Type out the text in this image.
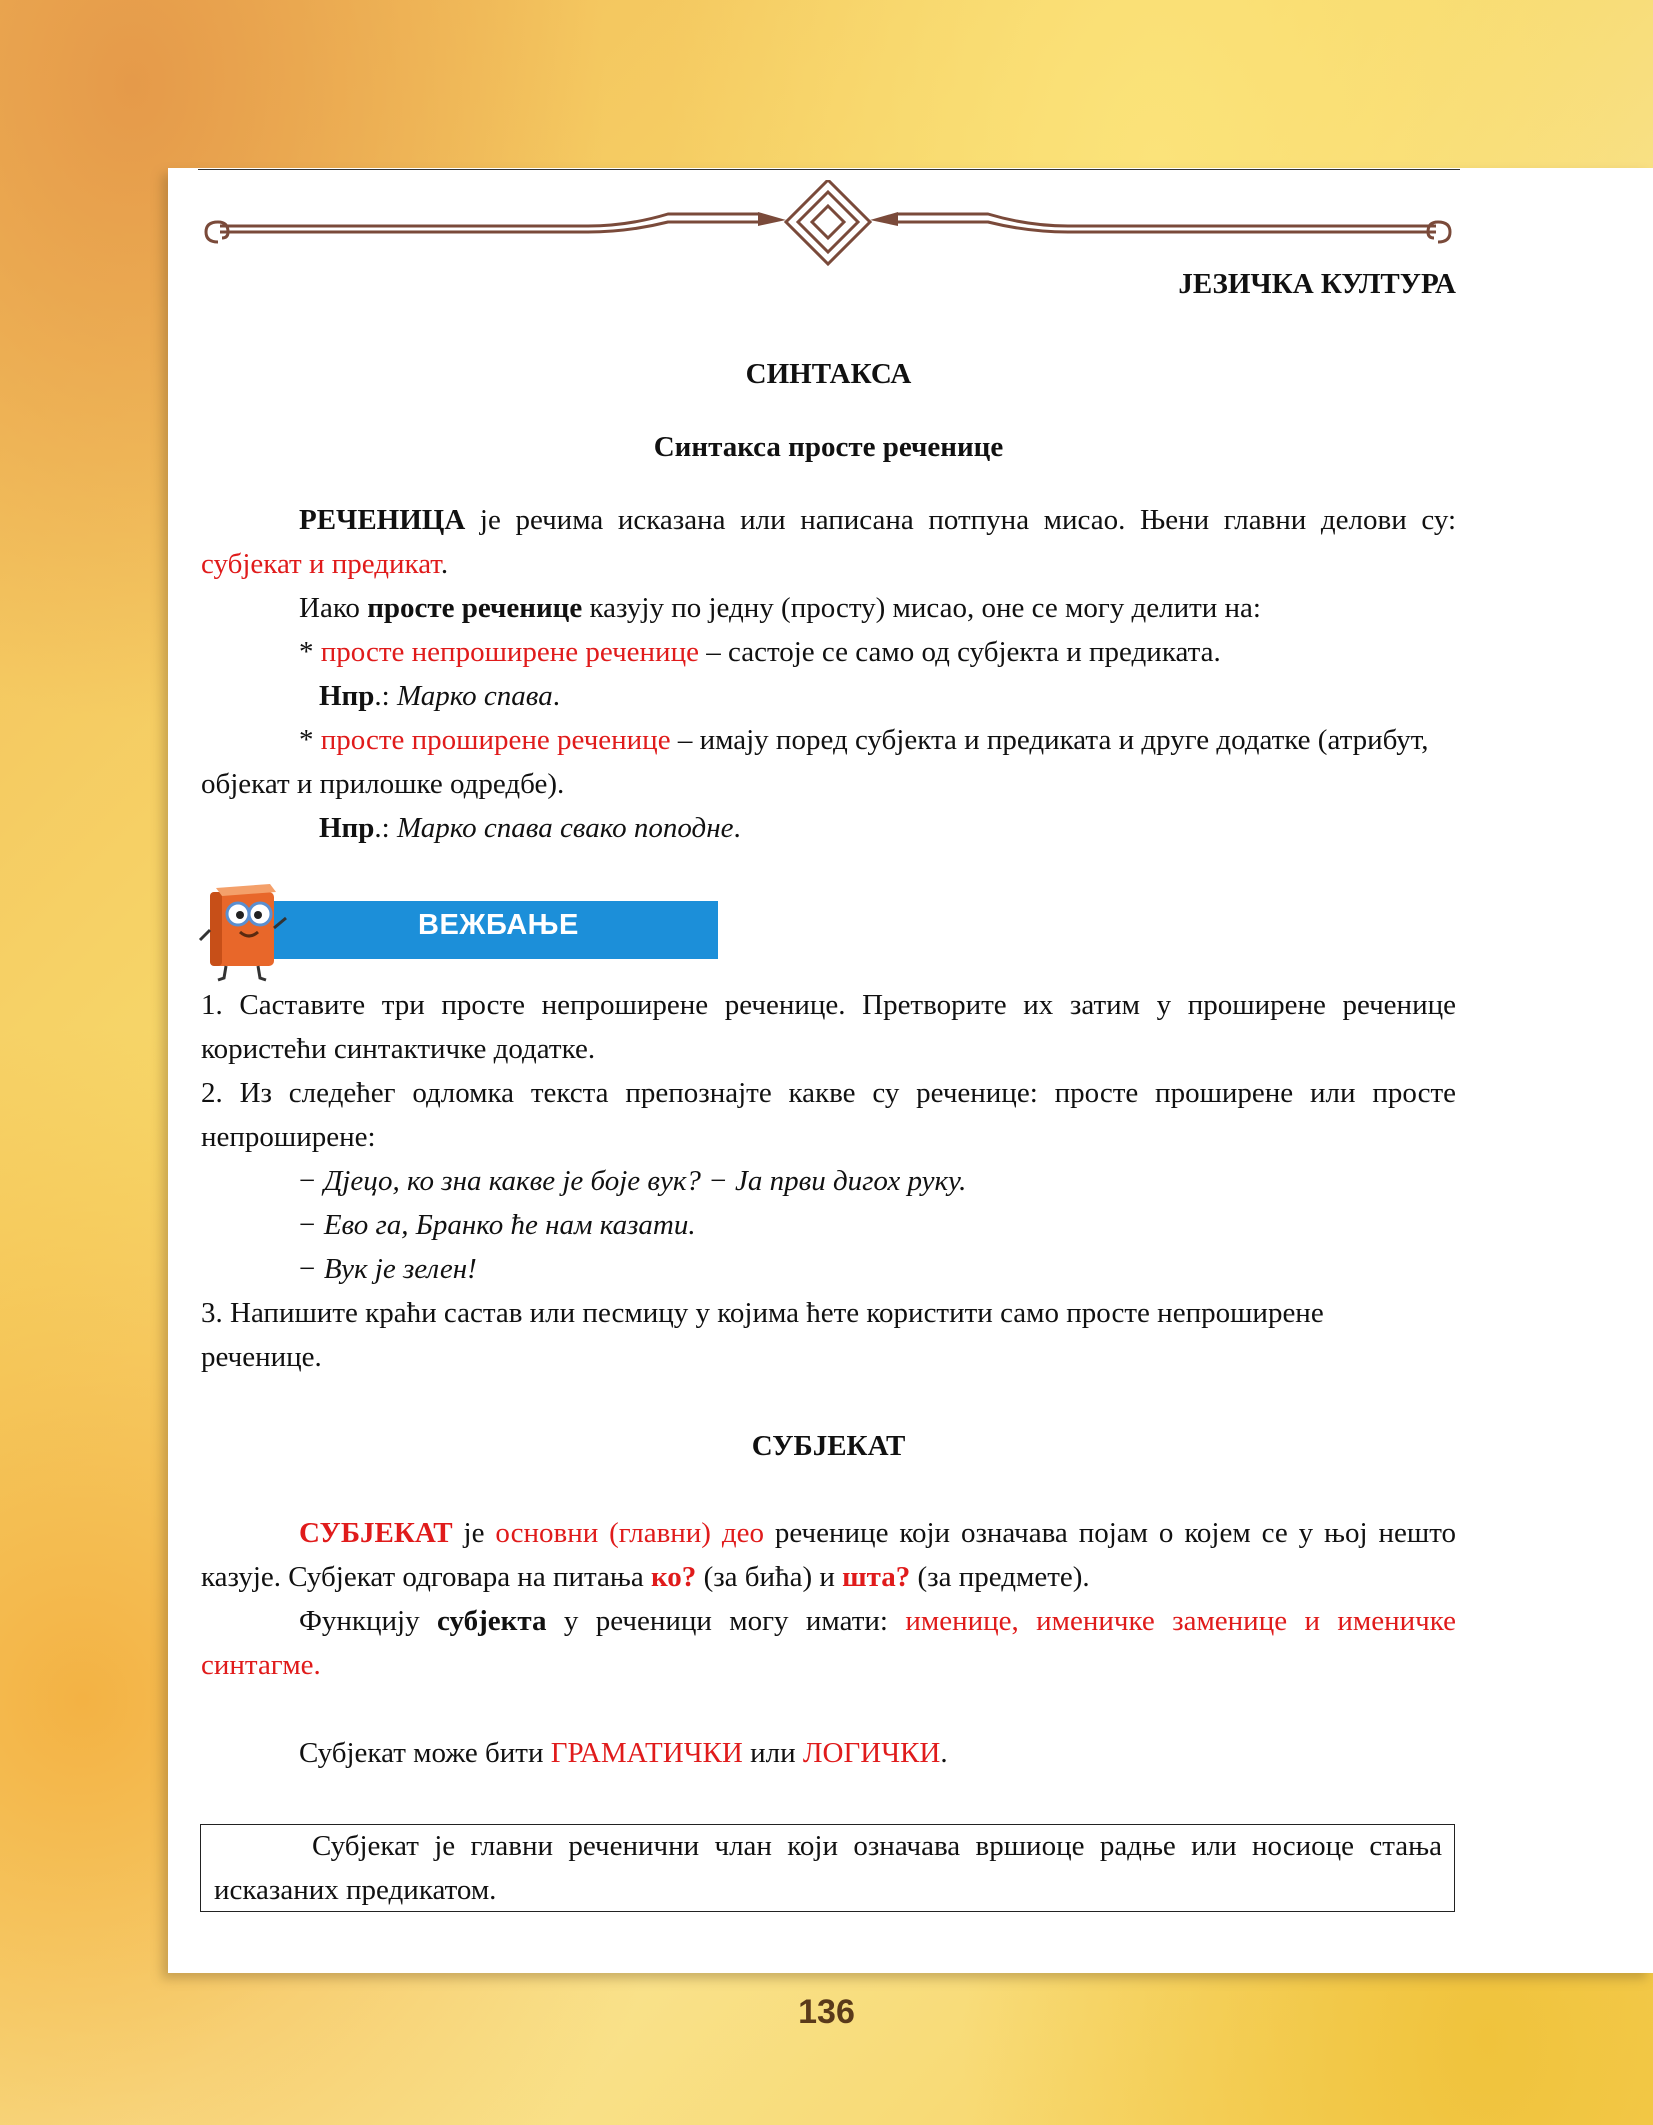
ЈЕЗИЧКА КУЛТУРА

СИНТАКСА

Синтакса просте реченице

РЕЧЕНИЦА је речима исказана или написана потпуна мисао. Њени главни делови су: субјекат и предикат.

Иако просте реченице казују по једну (просту) мисао, оне се могу делити на:

* просте непроширене реченице – састоје се само од субјекта и предиката.

Нпр.: Марко спава.

* просте проширене реченице – имају поред субјекта и предиката и друге додатке (атрибут, објекат и прилошке одредбе).

Нпр.: Марко спава свако поподне.

ВЕЖБАЊЕ

1. Саставите три просте непроширене реченице. Претворите их затим у проширене реченице користећи синтактичке додатке.

2. Из следећег одломка текста препознајте какве су реченице: просте проширене или просте непроширене:

− Дјецо, ко зна какве је боје вук? − Ја први дигох руку.

− Ево га, Бранко ће нам казати.

− Вук је зелен!

3. Напишите краћи састав или песмицу у којима ћете користити само просте непроширене реченице.

СУБЈЕКАТ

СУБЈЕКАТ је основни (главни) део реченице који означава појам о којем се у њој нешто казује. Субјекат одговара на питања ко? (за бића) и шта? (за предмете).

Функцију субјекта у реченици могу имати: именице, именичке заменице и именичке синтагме.

Субјекат може бити ГРАМАТИЧКИ или ЛОГИЧКИ.

Субјекат је главни реченични члан који означава вршиоце радње или носиоце стања исказаних предикатом.

136
